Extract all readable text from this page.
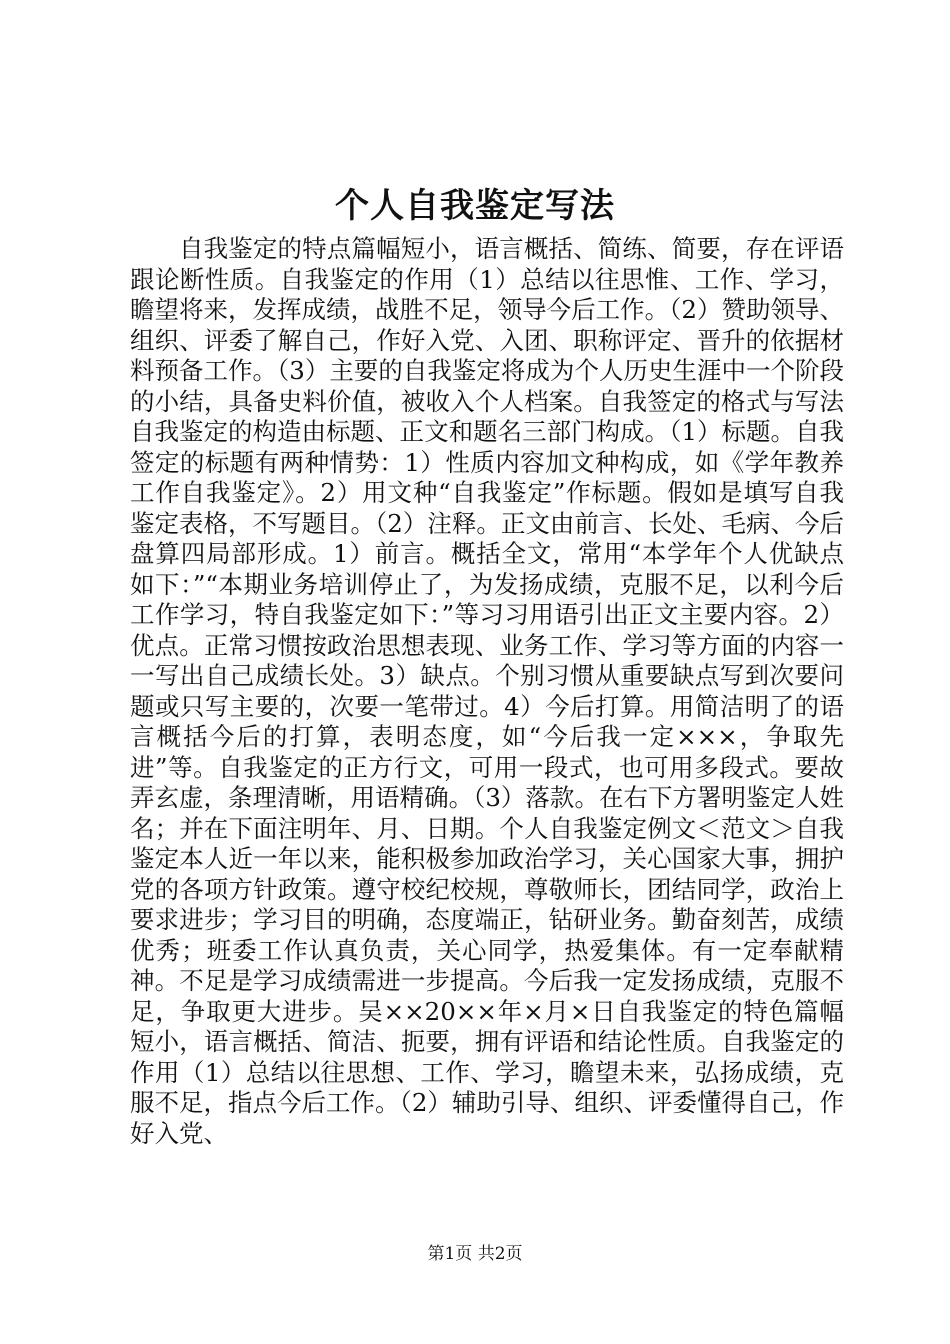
个人自我鉴定写法

自我鉴定的特点篇幅短小，语言概括、简练、简要，存在评语跟论断性质。自我鉴定的作用（1）总结以往思惟、工作、学习，瞻望将来，发挥成绩，战胜不足，领导今后工作。（2）赞助领导、组织、评委了解自己，作好入党、入团、职称评定、晋升的依据材料预备工作。（3）主要的自我鉴定将成为个人历史生涯中一个阶段的小结，具备史料价值，被收入个人档案。自我签定的格式与写法自我鉴定的构造由标题、正文和题名三部门构成。（1）标题。自我签定的标题有两种情势：1）性质内容加文种构成，如《学年教养工作自我鉴定》。2）用文种“自我鉴定”作标题。假如是填写自我鉴定表格，不写题目。（2）注释。正文由前言、长处、毛病、今后盘算四局部形成。1）前言。概括全文，常用“本学年个人优缺点如下：”“本期业务培训停止了，为发扬成绩，克服不足，以利今后工作学习，特自我鉴定如下：”等习习用语引出正文主要内容。2）优点。正常习惯按政治思想表现、业务工作、学习等方面的内容一一写出自己成绩长处。3）缺点。个别习惯从重要缺点写到次要问题或只写主要的，次要一笔带过。4）今后打算。用简洁明了的语言概括今后的打算，表明态度，如“今后我一定×××，争取先进”等。自我鉴定的正方行文，可用一段式，也可用多段式。要故弄玄虚，条理清晰，用语精确。（3）落款。在右下方署明鉴定人姓名；并在下面注明年、月、日期。个人自我鉴定例文＜范文＞自我鉴定本人近一年以来，能积极参加政治学习，关心国家大事，拥护党的各项方针政策。遵守校纪校规，尊敬师长，团结同学，政治上要求进步；学习目的明确，态度端正，钻研业务。勤奋刻苦，成绩优秀；班委工作认真负责，关心同学，热爱集体。有一定奉献精神。不足是学习成绩需进一步提高。今后我一定发扬成绩，克服不足，争取更大进步。吴××20××年×月×日自我鉴定的特色篇幅短小，语言概括、简洁、扼要，拥有评语和结论性质。自我鉴定的作用（1）总结以往思想、工作、学习，瞻望未来，弘扬成绩，克服不足，指点今后工作。（2）辅助引导、组织、评委懂得自己，作好入党、

第1页 共2页
